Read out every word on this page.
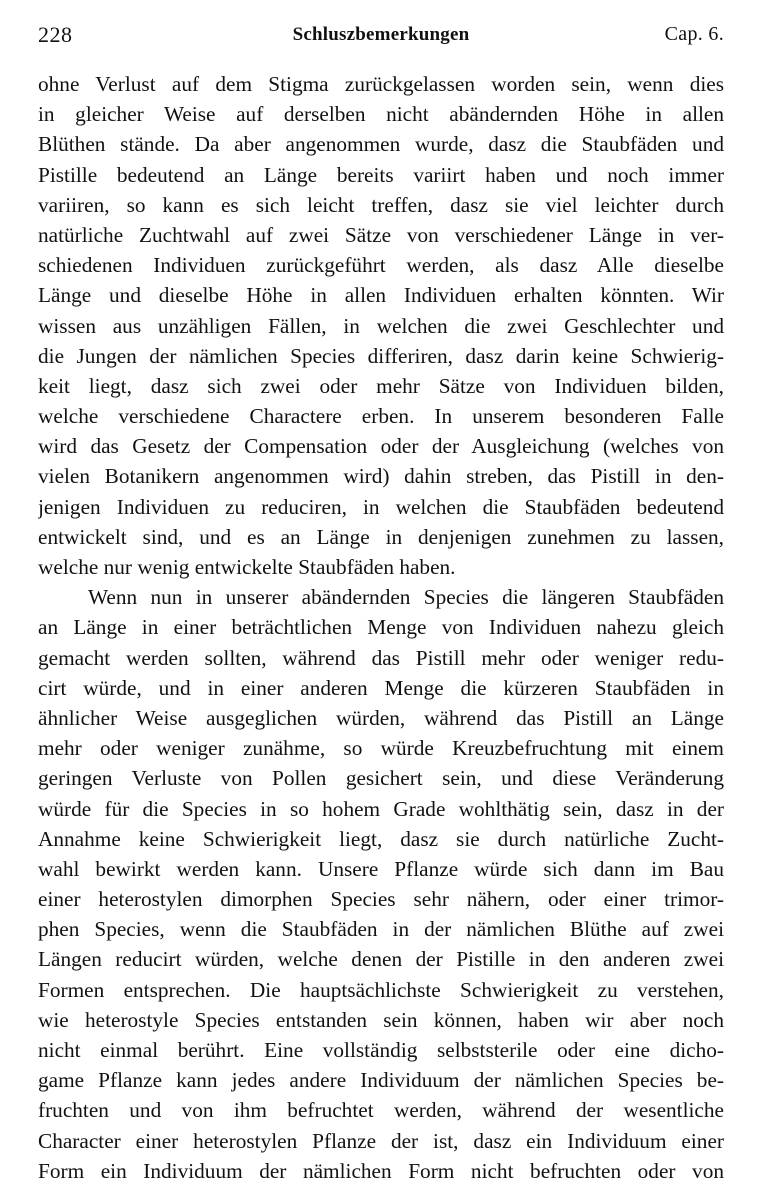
228	Schluszbemerkungen	Cap. 6.
ohne Verlust auf dem Stigma zurückgelassen worden sein, wenn dies
in gleicher Weise auf derselben nicht abändernden Höhe in allen
Blüthen stände. Da aber angenommen wurde, dasz die Staubfäden und
Pistille bedeutend an Länge bereits variirt haben und noch immer
variiren, so kann es sich leicht treffen, dasz sie viel leichter durch
natürliche Zuchtwahl auf zwei Sätze von verschiedener Länge in ver-
schiedenen Individuen zurückgeführt werden, als dasz Alle dieselbe
Länge und dieselbe Höhe in allen Individuen erhalten könnten. Wir
wissen aus unzähligen Fällen, in welchen die zwei Geschlechter und
die Jungen der nämlichen Species differiren, dasz darin keine Schwierig-
keit liegt, dasz sich zwei oder mehr Sätze von Individuen bilden,
welche verschiedene Charactere erben. In unserem besonderen Falle
wird das Gesetz der Compensation oder der Ausgleichung (welches von
vielen Botanikern angenommen wird) dahin streben, das Pistill in den-
jenigen Individuen zu reduciren, in welchen die Staubfäden bedeutend
entwickelt sind, und es an Länge in denjenigen zunehmen zu lassen,
welche nur wenig entwickelte Staubfäden haben.
Wenn nun in unserer abändernden Species die längeren Staubfäden
an Länge in einer beträchtlichen Menge von Individuen nahezu gleich
gemacht werden sollten, während das Pistill mehr oder weniger redu-
cirt würde, und in einer anderen Menge die kürzeren Staubfäden in
ähnlicher Weise ausgeglichen würden, während das Pistill an Länge
mehr oder weniger zunähme, so würde Kreuzbefruchtung mit einem
geringen Verluste von Pollen gesichert sein, und diese Veränderung
würde für die Species in so hohem Grade wohlthätig sein, dasz in der
Annahme keine Schwierigkeit liegt, dasz sie durch natürliche Zucht-
wahl bewirkt werden kann. Unsere Pflanze würde sich dann im Bau
einer heterostylen dimorphen Species sehr nähern, oder einer trimor-
phen Species, wenn die Staubfäden in der nämlichen Blüthe auf zwei
Längen reducirt würden, welche denen der Pistille in den anderen zwei
Formen entsprechen. Die hauptsächlichste Schwierigkeit zu verstehen,
wie heterostyle Species entstanden sein können, haben wir aber noch
nicht einmal berührt. Eine vollständig selbststerile oder eine dicho-
game Pflanze kann jedes andere Individuum der nämlichen Species be-
fruchten und von ihm befruchtet werden, während der wesentliche
Character einer heterostylen Pflanze der ist, dasz ein Individuum einer
Form ein Individuum der nämlichen Form nicht befruchten oder von
